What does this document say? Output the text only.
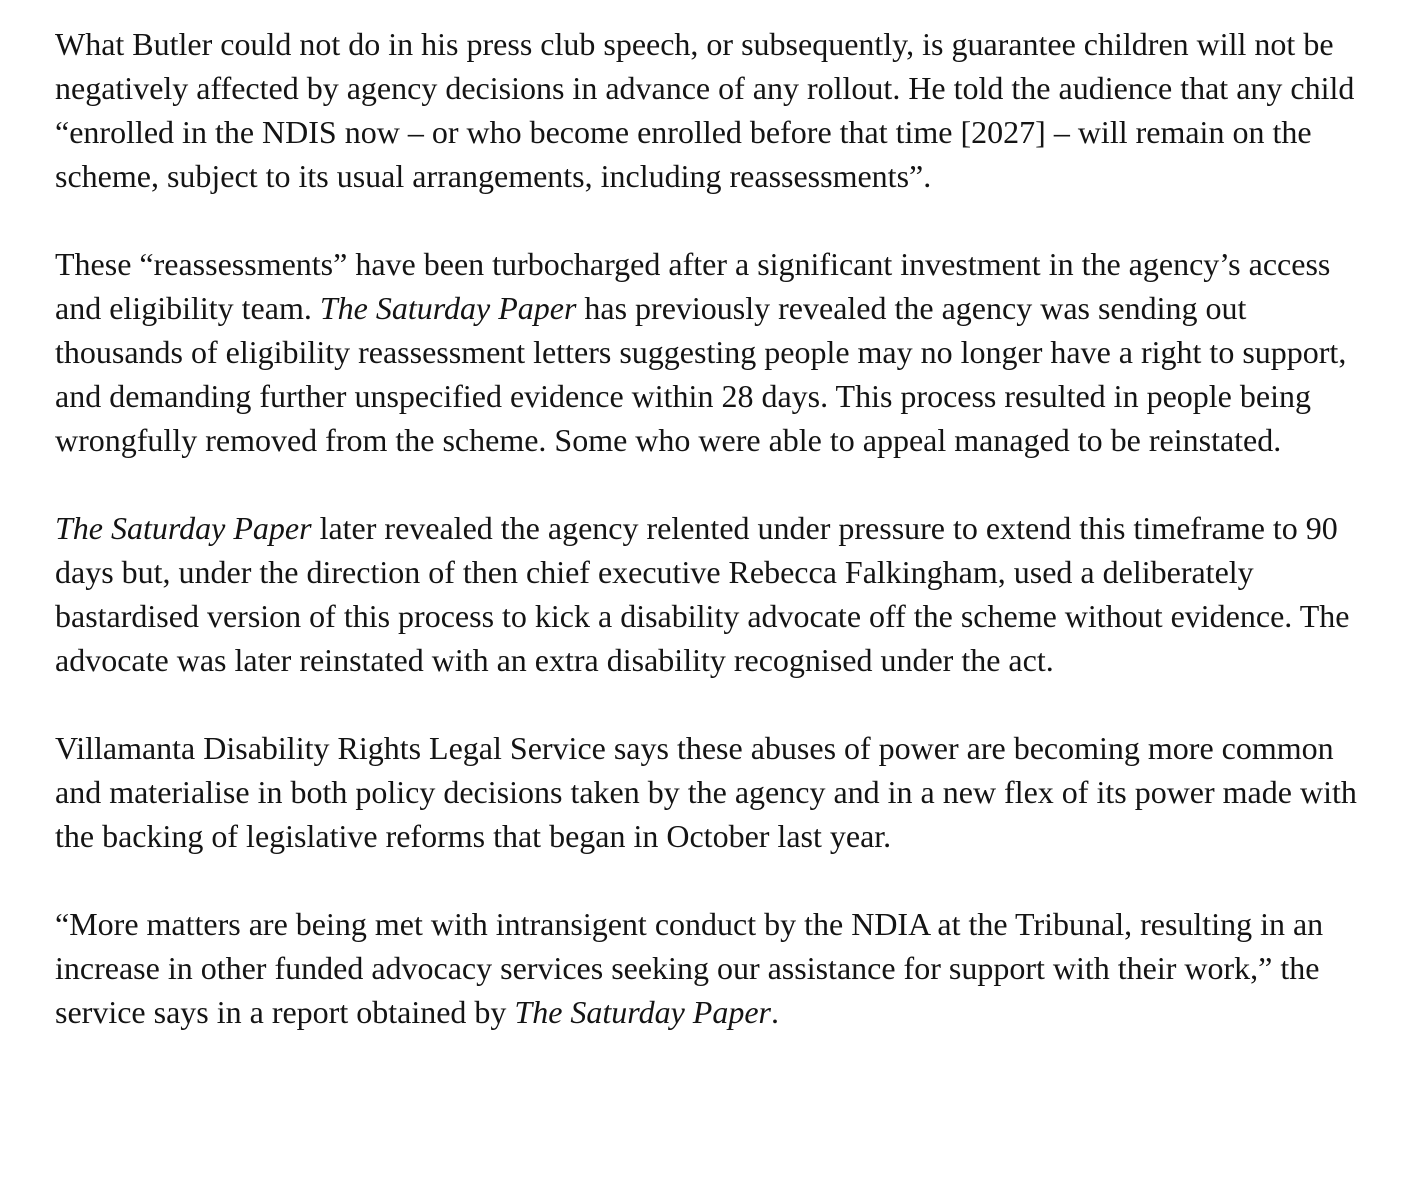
What Butler could not do in his press club speech, or subsequently, is guarantee children will not be negatively affected by agency decisions in advance of any rollout. He told the audience that any child “enrolled in the NDIS now – or who become enrolled before that time [2027] – will remain on the scheme, subject to its usual arrangements, including reassessments”.

These “reassessments” have been turbocharged after a significant investment in the agency’s access and eligibility team. The Saturday Paper has previously revealed the agency was sending out thousands of eligibility reassessment letters suggesting people may no longer have a right to support, and demanding further unspecified evidence within 28 days. This process resulted in people being wrongfully removed from the scheme. Some who were able to appeal managed to be reinstated.

The Saturday Paper later revealed the agency relented under pressure to extend this timeframe to 90 days but, under the direction of then chief executive Rebecca Falkingham, used a deliberately bastardised version of this process to kick a disability advocate off the scheme without evidence. The advocate was later reinstated with an extra disability recognised under the act.

Villamanta Disability Rights Legal Service says these abuses of power are becoming more common and materialise in both policy decisions taken by the agency and in a new flex of its power made with the backing of legislative reforms that began in October last year.

“More matters are being met with intransigent conduct by the NDIA at the Tribunal, resulting in an increase in other funded advocacy services seeking our assistance for support with their work,” the service says in a report obtained by The Saturday Paper.
